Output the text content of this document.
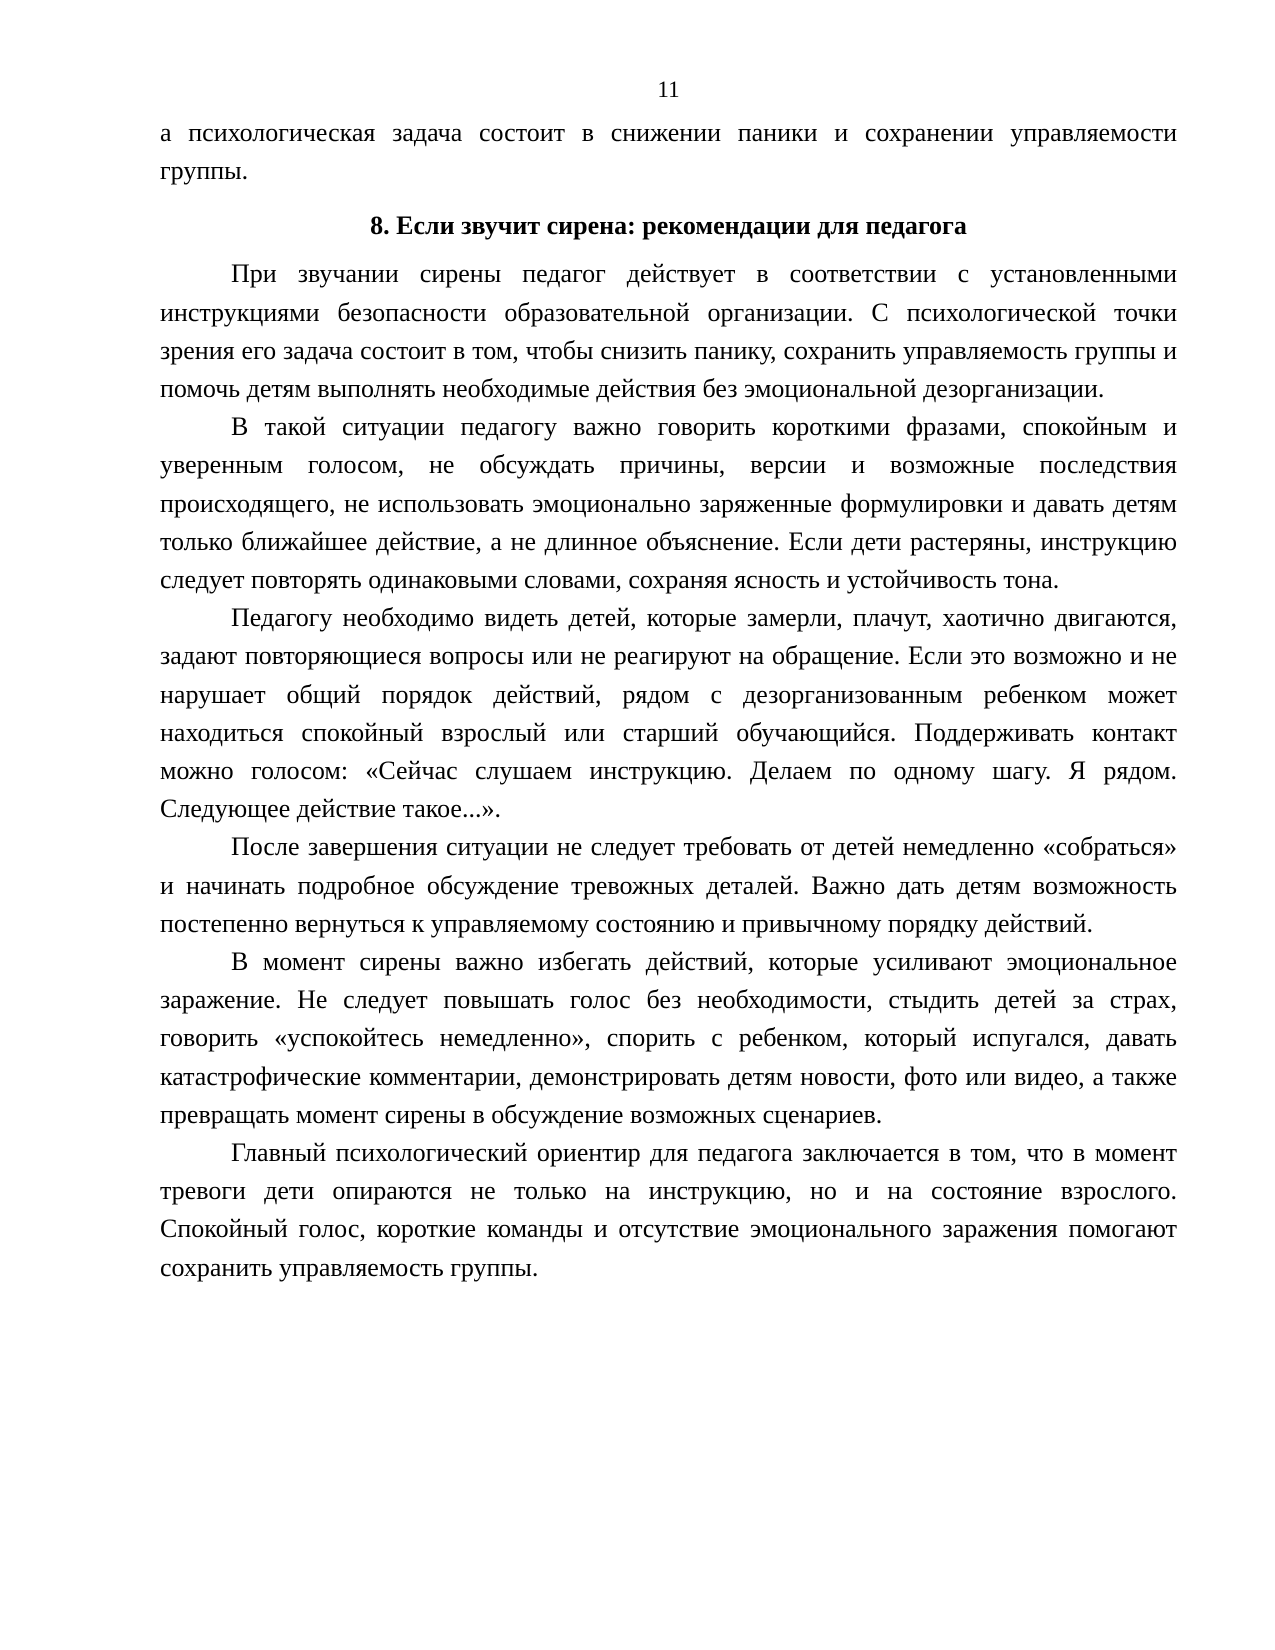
11

а психологическая задача состоит в снижении паники и сохранении управляемости группы.

8. Если звучит сирена: рекомендации для педагога

При звучании сирены педагог действует в соответствии с установленными инструкциями безопасности образовательной организации. С психологической точки зрения его задача состоит в том, чтобы снизить панику, сохранить управляемость группы и помочь детям выполнять необходимые действия без эмоциональной дезорганизации.

В такой ситуации педагогу важно говорить короткими фразами, спокойным и уверенным голосом, не обсуждать причины, версии и возможные последствия происходящего, не использовать эмоционально заряженные формулировки и давать детям только ближайшее действие, а не длинное объяснение. Если дети растеряны, инструкцию следует повторять одинаковыми словами, сохраняя ясность и устойчивость тона.

Педагогу необходимо видеть детей, которые замерли, плачут, хаотично двигаются, задают повторяющиеся вопросы или не реагируют на обращение. Если это возможно и не нарушает общий порядок действий, рядом с дезорганизованным ребенком может находиться спокойный взрослый или старший обучающийся. Поддерживать контакт можно голосом: «Сейчас слушаем инструкцию. Делаем по одному шагу. Я рядом. Следующее действие такое...».

После завершения ситуации не следует требовать от детей немедленно «собраться» и начинать подробное обсуждение тревожных деталей. Важно дать детям возможность постепенно вернуться к управляемому состоянию и привычному порядку действий.

В момент сирены важно избегать действий, которые усиливают эмоциональное заражение. Не следует повышать голос без необходимости, стыдить детей за страх, говорить «успокойтесь немедленно», спорить с ребенком, который испугался, давать катастрофические комментарии, демонстрировать детям новости, фото или видео, а также превращать момент сирены в обсуждение возможных сценариев.

Главный психологический ориентир для педагога заключается в том, что в момент тревоги дети опираются не только на инструкцию, но и на состояние взрослого. Спокойный голос, короткие команды и отсутствие эмоционального заражения помогают сохранить управляемость группы.
